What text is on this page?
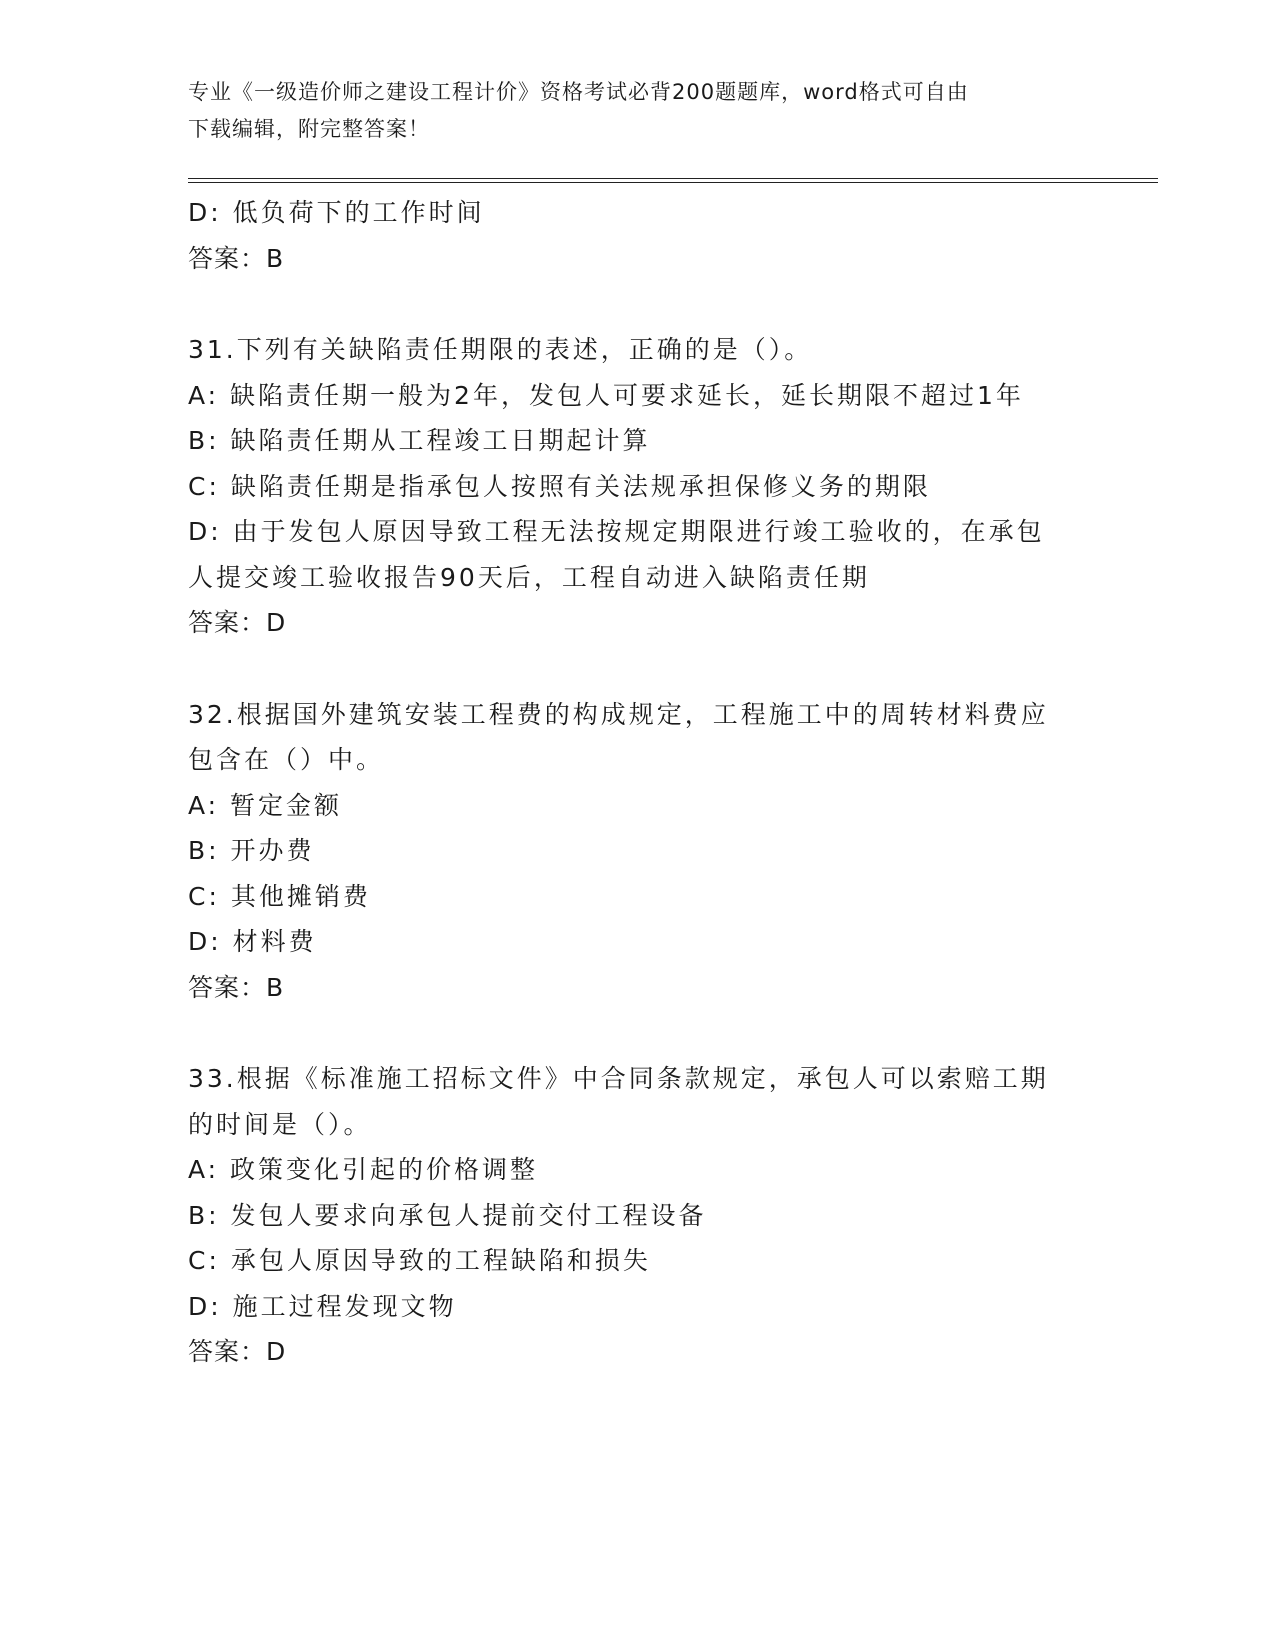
专业《一级造价师之建设工程计价》资格考试必背200题题库，word格式可自由
下载编辑，附完整答案！
D: 低负荷下的工作时间
答案：B
31.下列有关缺陷责任期限的表述，正确的是（）。
A: 缺陷责任期一般为2年，发包人可要求延长，延长期限不超过1年
B: 缺陷责任期从工程竣工日期起计算
C: 缺陷责任期是指承包人按照有关法规承担保修义务的期限
D: 由于发包人原因导致工程无法按规定期限进行竣工验收的，在承包
人提交竣工验收报告90天后，工程自动进入缺陷责任期
答案：D
32.根据国外建筑安装工程费的构成规定，工程施工中的周转材料费应
包含在（）中。
A: 暂定金额
B: 开办费
C: 其他摊销费
D: 材料费
答案：B
33.根据《标准施工招标文件》中合同条款规定，承包人可以索赔工期
的时间是（）。
A: 政策变化引起的价格调整
B: 发包人要求向承包人提前交付工程设备
C: 承包人原因导致的工程缺陷和损失
D: 施工过程发现文物
答案：D
